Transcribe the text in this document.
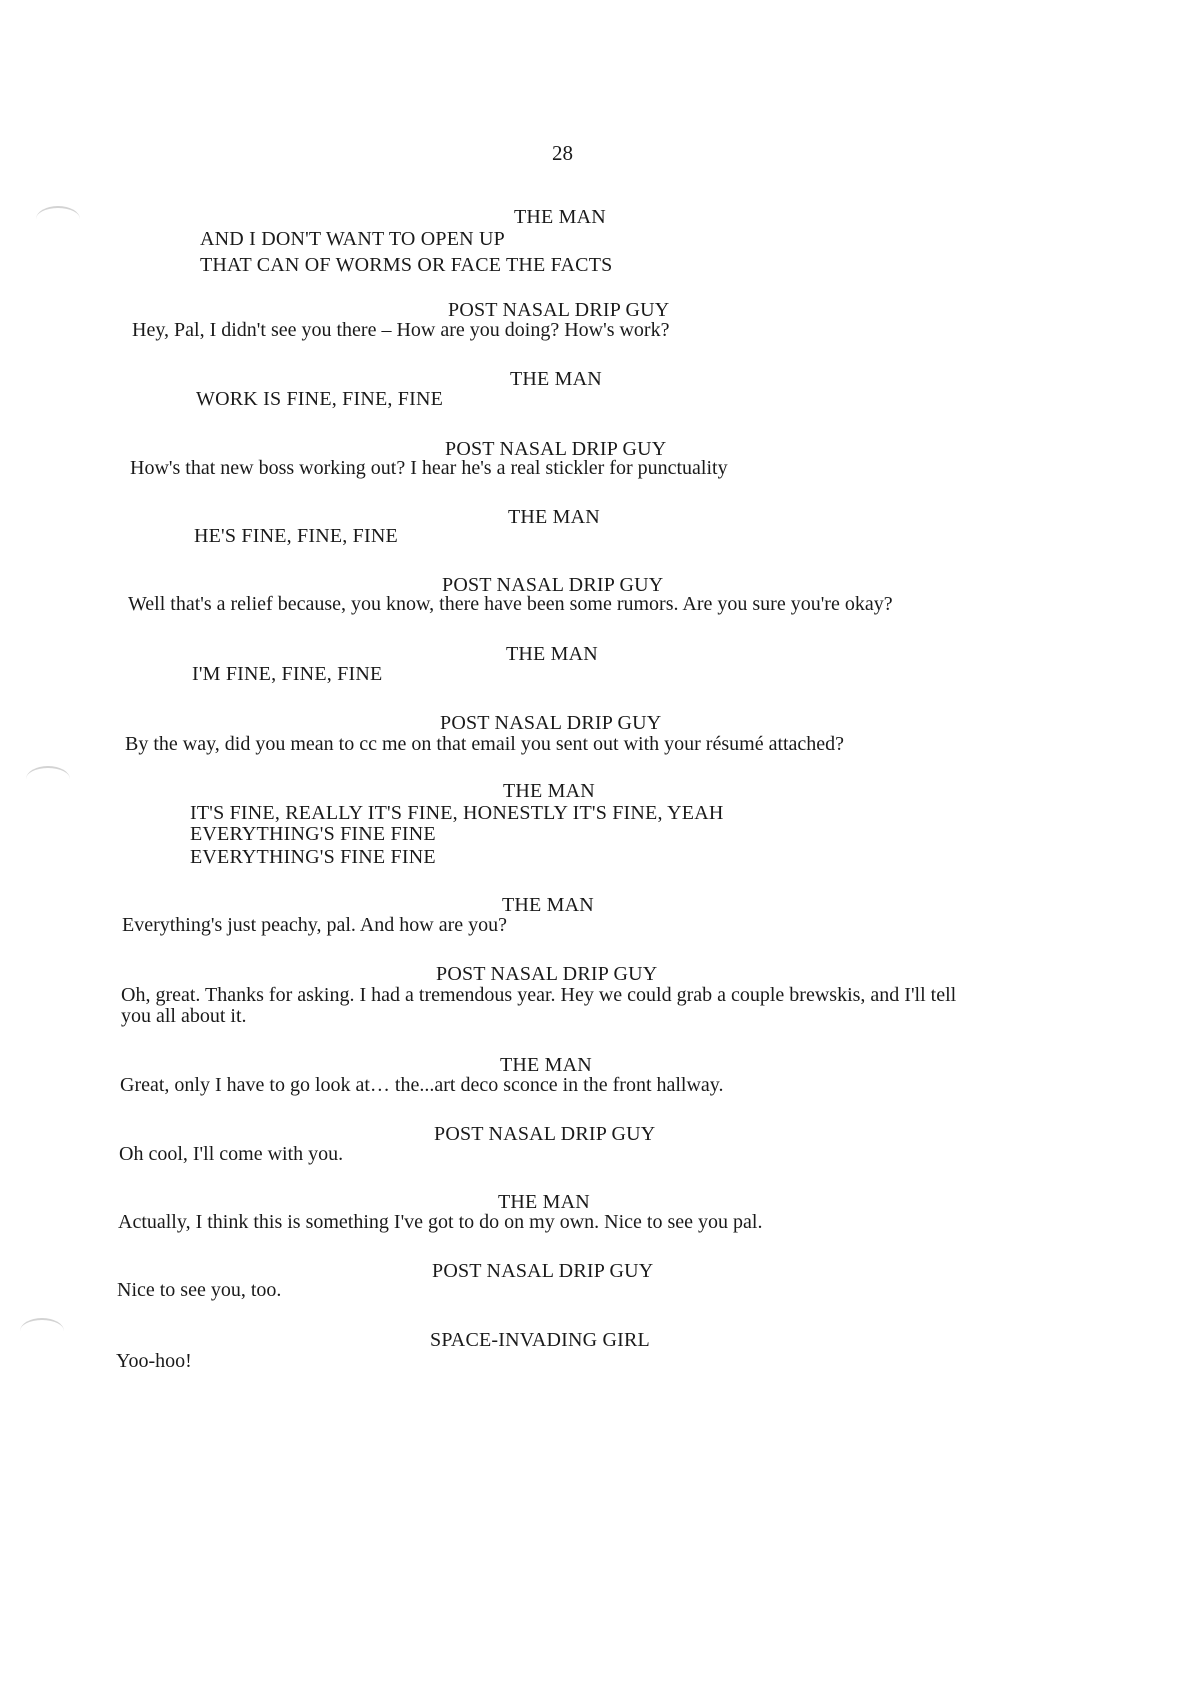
28
THE MAN
AND I DON'T WANT TO OPEN UP
THAT CAN OF WORMS OR FACE THE FACTS
POST NASAL DRIP GUY
Hey, Pal, I didn't see you there – How are you doing? How's work?
THE MAN
WORK IS FINE, FINE, FINE
POST NASAL DRIP GUY
How's that new boss working out? I hear he's a real stickler for punctuality
THE MAN
HE'S FINE, FINE, FINE
POST NASAL DRIP GUY
Well that's a relief because, you know, there have been some rumors. Are you sure you're okay?
THE MAN
I'M FINE, FINE, FINE
POST NASAL DRIP GUY
By the way, did you mean to cc me on that email you sent out with your résumé attached?
THE MAN
IT'S FINE, REALLY IT'S FINE, HONESTLY IT'S FINE, YEAH
EVERYTHING'S FINE FINE
EVERYTHING'S FINE FINE
THE MAN
Everything's just peachy, pal. And how are you?
POST NASAL DRIP GUY
Oh, great. Thanks for asking. I had a tremendous year. Hey we could grab a couple brewskis, and I'll tell
you all about it.
THE MAN
Great, only I have to go look at… the...art deco sconce in the front hallway.
POST NASAL DRIP GUY
Oh cool, I'll come with you.
THE MAN
Actually, I think this is something I've got to do on my own. Nice to see you pal.
POST NASAL DRIP GUY
Nice to see you, too.
SPACE-INVADING GIRL
Yoo-hoo!
